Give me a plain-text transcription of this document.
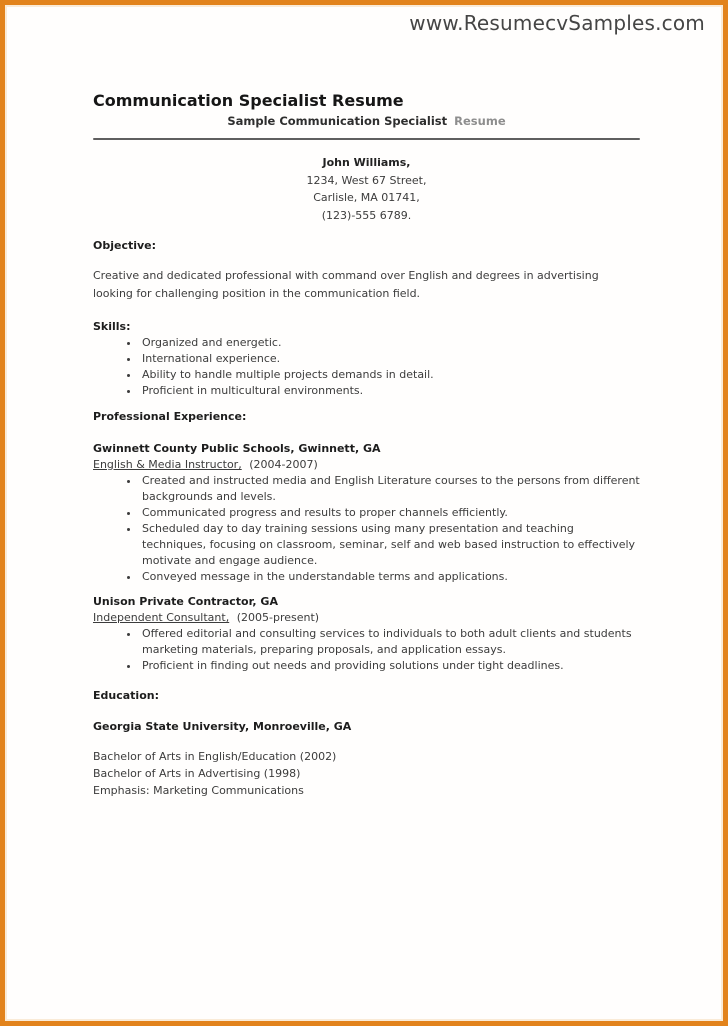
www.ResumecvSamples.com
Communication Specialist Resume
Sample Communication Specialist Resume
John Williams,
1234, West 67 Street,
Carlisle, MA 01741,
(123)-555 6789.
Objective:

Creative and dedicated professional with command over English and degrees in advertising looking for challenging position in the communication field.

Skills:
• Organized and energetic.
• International experience.
• Ability to handle multiple projects demands in detail.
• Proficient in multicultural environments.
Professional Experience:
Gwinnett County Public Schools, Gwinnett, GA
English & Media Instructor, (2004-2007)
• Created and instructed media and English Literature courses to the persons from different backgrounds and levels.
• Communicated progress and results to proper channels efficiently.
• Scheduled day to day training sessions using many presentation and teaching techniques, focusing on classroom, seminar, self and web based instruction to effectively motivate and engage audience.
• Conveyed message in the understandable terms and applications.
Unison Private Contractor, GA
Independent Consultant, (2005-present)
• Offered editorial and consulting services to individuals to both adult clients and students marketing materials, preparing proposals, and application essays.
• Proficient in finding out needs and providing solutions under tight deadlines.
Education:
Georgia State University, Monroeville, GA
Bachelor of Arts in English/Education (2002)
Bachelor of Arts in Advertising (1998)
Emphasis: Marketing Communications
